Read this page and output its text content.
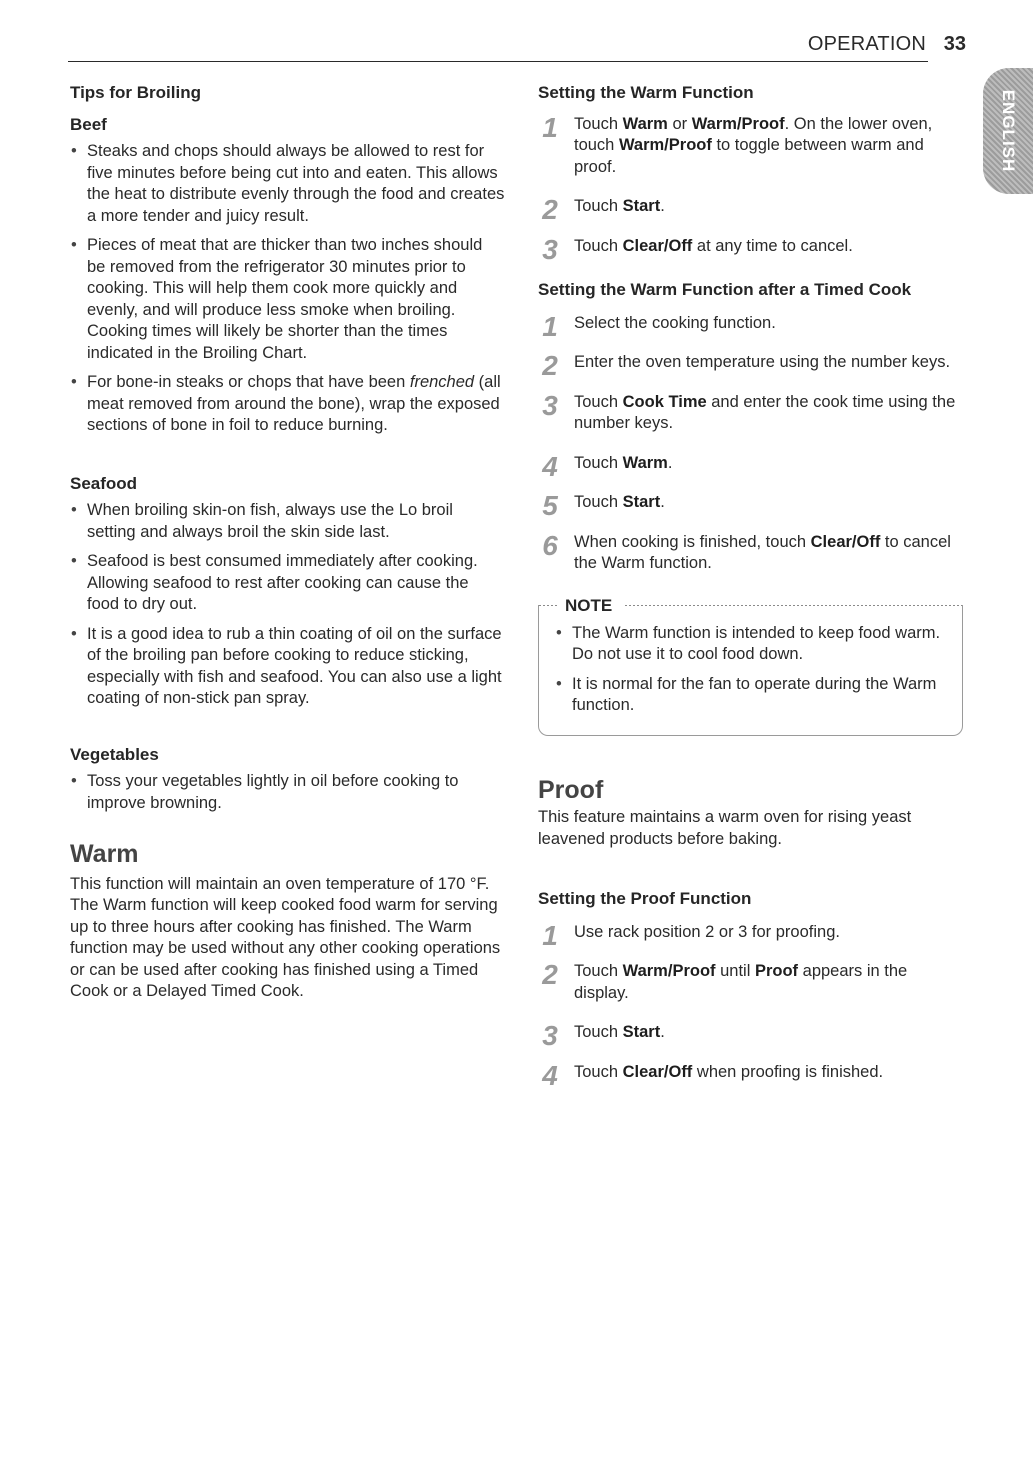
OPERATION 33
ENGLISH
Tips for Broiling
Beef
• Steaks and chops should always be allowed to rest for five minutes before being cut into and eaten. This allows the heat to distribute evenly through the food and creates a more tender and juicy result.
• Pieces of meat that are thicker than two inches should be removed from the refrigerator 30 minutes prior to cooking. This will help them cook more quickly and evenly, and will produce less smoke when broiling. Cooking times will likely be shorter than the times indicated in the Broiling Chart.
• For bone-in steaks or chops that have been frenched (all meat removed from around the bone), wrap the exposed sections of bone in foil to reduce burning.
Seafood
• When broiling skin-on fish, always use the Lo broil setting and always broil the skin side last.
• Seafood is best consumed immediately after cooking. Allowing seafood to rest after cooking can cause the food to dry out.
• It is a good idea to rub a thin coating of oil on the surface of the broiling pan before cooking to reduce sticking, especially with fish and seafood. You can also use a light coating of non-stick pan spray.
Vegetables
• Toss your vegetables lightly in oil before cooking to improve browning.
Warm

This function will maintain an oven temperature of 170 °F. The Warm function will keep cooked food warm for serving up to three hours after cooking has finished. The Warm function may be used without any other cooking operations or can be used after cooking has finished using a Timed Cook or a Delayed Timed Cook.

Setting the Warm Function
1 Touch Warm or Warm/Proof. On the lower oven, touch Warm/Proof to toggle between warm and proof.
2 Touch Start.
3 Touch Clear/Off at any time to cancel.
Setting the Warm Function after a Timed Cook
1 Select the cooking function.
2 Enter the oven temperature using the number keys.
3 Touch Cook Time and enter the cook time using the number keys.
4 Touch Warm.
5 Touch Start.
6 When cooking is finished, touch Clear/Off to cancel the Warm function.
NOTE
• The Warm function is intended to keep food warm. Do not use it to cool food down.
• It is normal for the fan to operate during the Warm function.
Proof

This feature maintains a warm oven for rising yeast leavened products before baking.

Setting the Proof Function
1 Use rack position 2 or 3 for proofing.
2 Touch Warm/Proof until Proof appears in the display.
3 Touch Start.
4 Touch Clear/Off when proofing is finished.
